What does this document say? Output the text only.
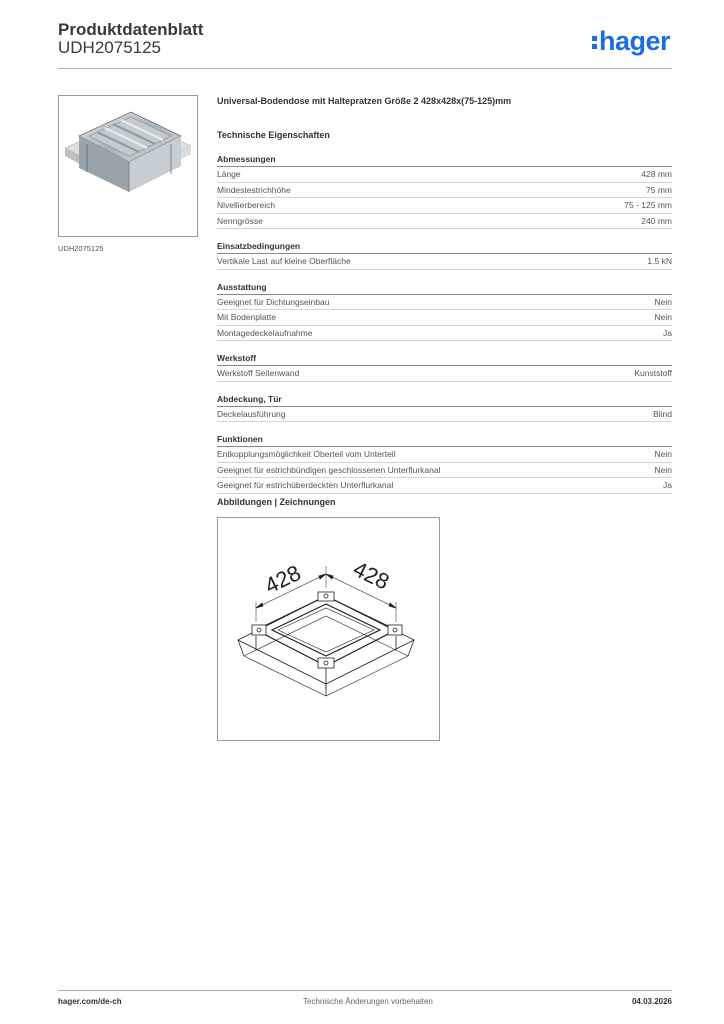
Produktdatenblatt
UDH2075125	hager
UDH2075125
Universal-Bodendose mit Haltepratzen Größe 2 428x428x(75-125)mm
Technische Eigenschaften
Abmessungen
Länge	428 mm
Mindestestrichhöhe	75 mm
Nivellierbereich	75 - 125 mm
Nenngrösse	240 mm
Einsatzbedingungen
Vertikale Last auf kleine Oberfläche	1.5 kN
Ausstattung
Geeignet für Dichtungseinbau	Nein
Mit Bodenplatte	Nein
Montagedeckelaufnahme	Ja
Werkstoff
Werkstoff Seitenwand	Kunststoff
Abdeckung, Tür
Deckelausführung	Blind
Funktionen
Entkopplungsmöglichkeit Oberteil vom Unterteil	Nein
Geeignet für estrichbündigen geschlossenen Unterflurkanal	Nein
Geeignet für estrichüberdeckten Unterflurkanal	Ja
Abbildungen | Zeichnungen
428 428
hager.com/de-ch	Technische Änderungen vorbehalten	04.03.2026
